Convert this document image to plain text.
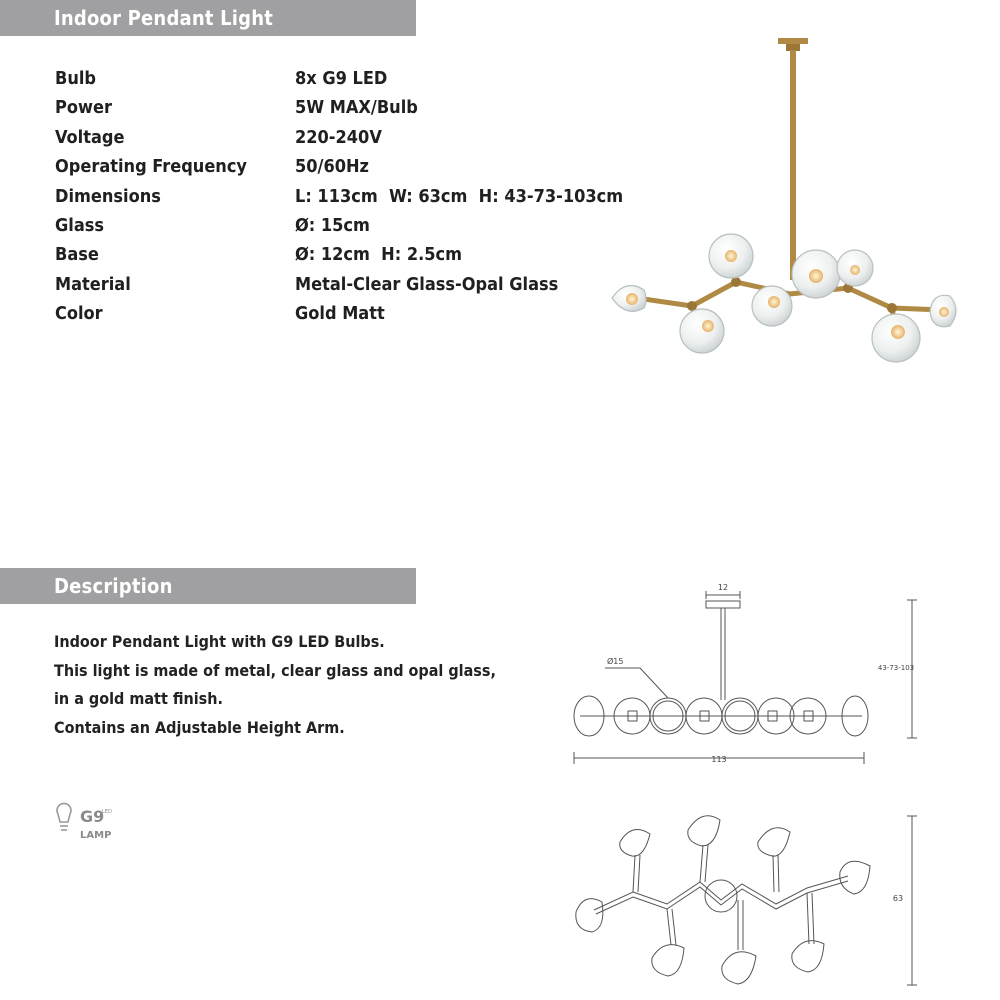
Indoor Pendant Light
Bulb	8x G9 LED
Power	5W MAX/Bulb
Voltage	220-240V
Operating Frequency	50/60Hz
Dimensions	L: 113cm  W: 63cm  H: 43-73-103cm
Glass	Ø: 15cm
Base	Ø: 12cm  H: 2.5cm
Material	Metal-Clear Glass-Opal Glass
Color	Gold Matt
Description
Indoor Pendant Light with G9 LED Bulbs.
This light is made of metal, clear glass and opal glass,
in a gold matt finish.
Contains an Adjustable Height Arm.
G9
LED
LAMP
12
Ø15
43-73-103
113
63
